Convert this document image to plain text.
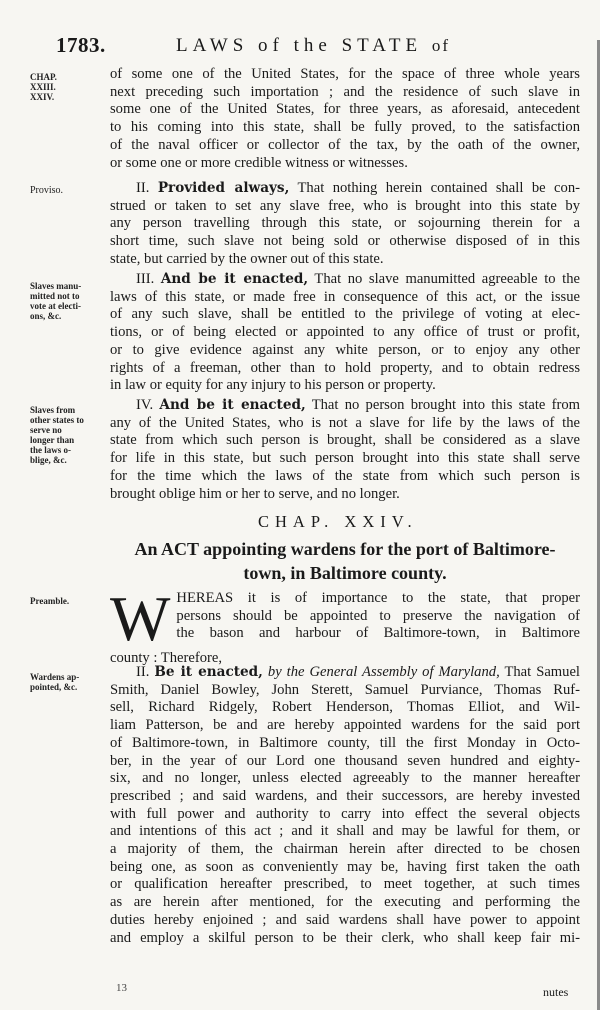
1783.	LAWS of the STATE of
CHAP.
XXIII.
XXIV.
Proviso.
Slaves manu-
mitted not to
vote at electi-
ons, &c.
Slaves from
other states to
serve no
longer than
the laws o-
blige, &c.
Preamble.
Wardens ap-
pointed, &c.
of some one of the United States, for the space of three whole years
next preceding such importation ; and the residence of such slave in
some one of the United States, for three years, as aforesaid, antecedent
to his coming into this state, shall be fully proved, to the satisfaction
of the naval officer or collector of the tax, by the oath of the owner,
or some one or more credible witness or witnesses.
II. Provided always, That nothing herein contained shall be con-
strued or taken to set any slave free, who is brought into this state by
any person travelling through this state, or sojourning therein for a
short time, such slave not being sold or otherwise disposed of in this
state, but carried by the owner out of this state.
III. And be it enacted, That no slave manumitted agreeable to the
laws of this state, or made free in consequence of this act, or the issue
of any such slave, shall be entitled to the privilege of voting at elec-
tions, or of being elected or appointed to any office of trust or profit,
or to give evidence against any white person, or to enjoy any other
rights of a freeman, other than to hold property, and to obtain redress
in law or equity for any injury to his person or property.
IV. And be it enacted, That no person brought into this state from
any of the United States, who is not a slave for life by the laws of the
state from which such person is brought, shall be considered as a slave
for life in this state, but such person brought into this state shall serve
for the time which the laws of the state from which such person is
brought oblige him or her to serve, and no longer.
CHAP. XXIV.
An ACT appointing wardens for the port of Baltimore-
town, in Baltimore county.
W HEREAS it is of importance to the state, that proper
persons should be appointed to preserve the navigation of
the bason and harbour of Baltimore-town, in Baltimore
county : Therefore,
II. Be it enacted, by the General Assembly of Maryland, That Samuel
Smith, Daniel Bowley, John Sterett, Samuel Purviance, Thomas Ruf-
sell, Richard Ridgely, Robert Henderson, Thomas Elliot, and Wil-
liam Patterson, be and are hereby appointed wardens for the said port
of Baltimore-town, in Baltimore county, till the first Monday in Octo-
ber, in the year of our Lord one thousand seven hundred and eighty-
six, and no longer, unless elected agreeably to the manner hereafter
prescribed ; and said wardens, and their successors, are hereby invested
with full power and authority to carry into effect the several objects
and intentions of this act ; and it shall and may be lawful for them, or
a majority of them, the chairman herein after directed to be chosen
being one, as soon as conveniently may be, having first taken the oath
or qualification hereafter prescribed, to meet together, at such times
as are herein after mentioned, for the executing and performing the
duties hereby enjoined ; and said wardens shall have power to appoint
and employ a skilful person to be their clerk, who shall keep fair mi-
13	nutes
